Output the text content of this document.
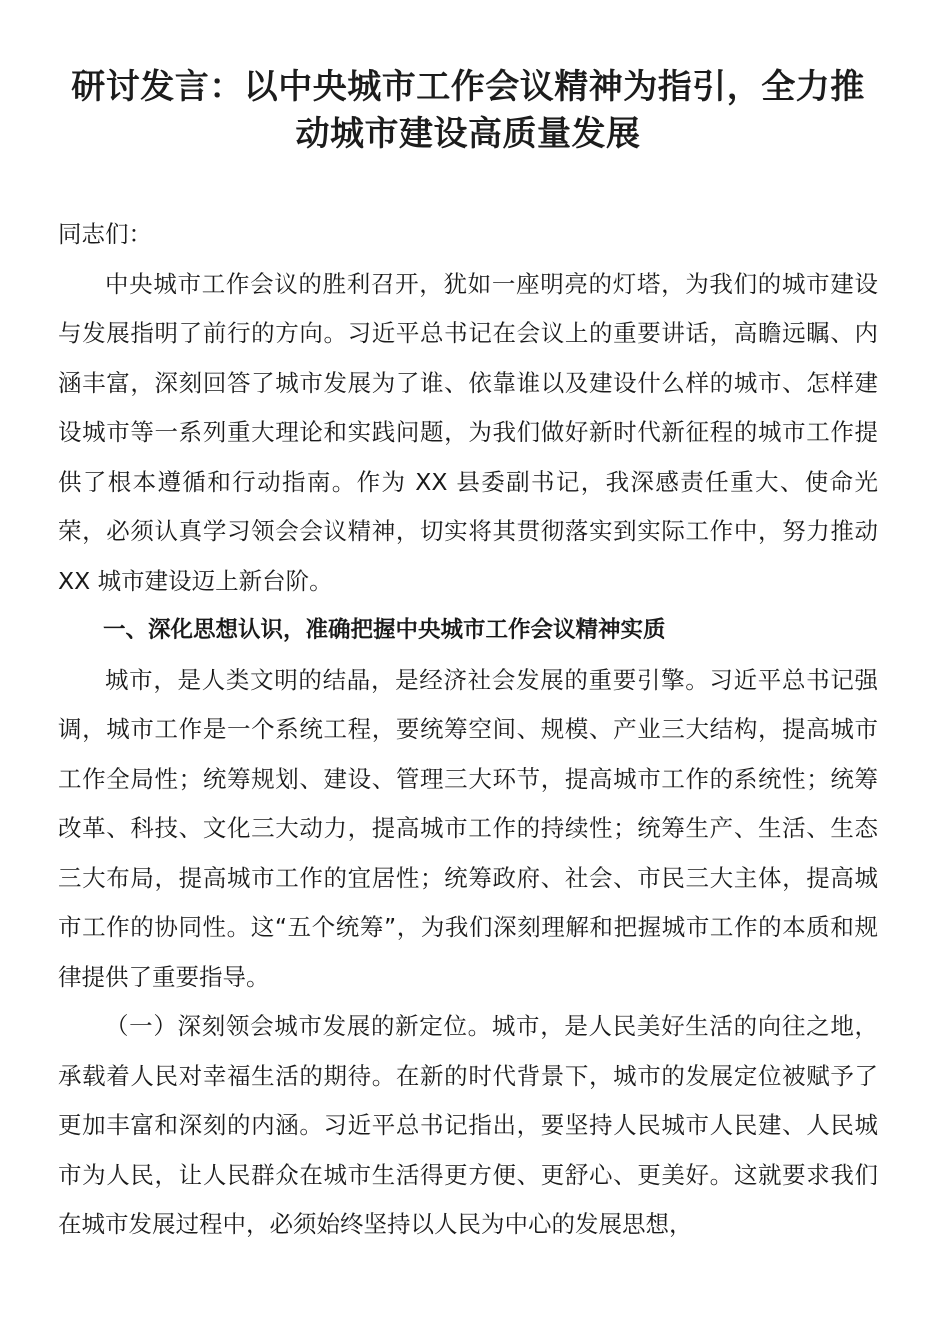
研讨发言：以中央城市工作会议精神为指引，全力推
动城市建设高质量发展

同志们：

中央城市工作会议的胜利召开，犹如一座明亮的灯塔，为我们的城市建设与发展指明了前行的方向。习近平总书记在会议上的重要讲话，高瞻远瞩、内涵丰富，深刻回答了城市发展为了谁、依靠谁以及建设什么样的城市、怎样建设城市等一系列重大理论和实践问题，为我们做好新时代新征程的城市工作提供了根本遵循和行动指南。作为 XX 县委副书记，我深感责任重大、使命光荣，必须认真学习领会会议精神，切实将其贯彻落实到实际工作中，努力推动 XX 城市建设迈上新台阶。

一、深化思想认识，准确把握中央城市工作会议精神实质

城市，是人类文明的结晶，是经济社会发展的重要引擎。习近平总书记强调，城市工作是一个系统工程，要统筹空间、规模、产业三大结构，提高城市工作全局性；统筹规划、建设、管理三大环节，提高城市工作的系统性；统筹改革、科技、文化三大动力，提高城市工作的持续性；统筹生产、生活、生态三大布局，提高城市工作的宜居性；统筹政府、社会、市民三大主体，提高城市工作的协同性。这“五个统筹”，为我们深刻理解和把握城市工作的本质和规律提供了重要指导。

（一）深刻领会城市发展的新定位。城市，是人民美好生活的向往之地，承载着人民对幸福生活的期待。在新的时代背景下，城市的发展定位被赋予了更加丰富和深刻的内涵。习近平总书记指出，要坚持人民城市人民建、人民城市为人民，让人民群众在城市生活得更方便、更舒心、更美好。这就要求我们在城市发展过程中，必须始终坚持以人民为中心的发展思想，
